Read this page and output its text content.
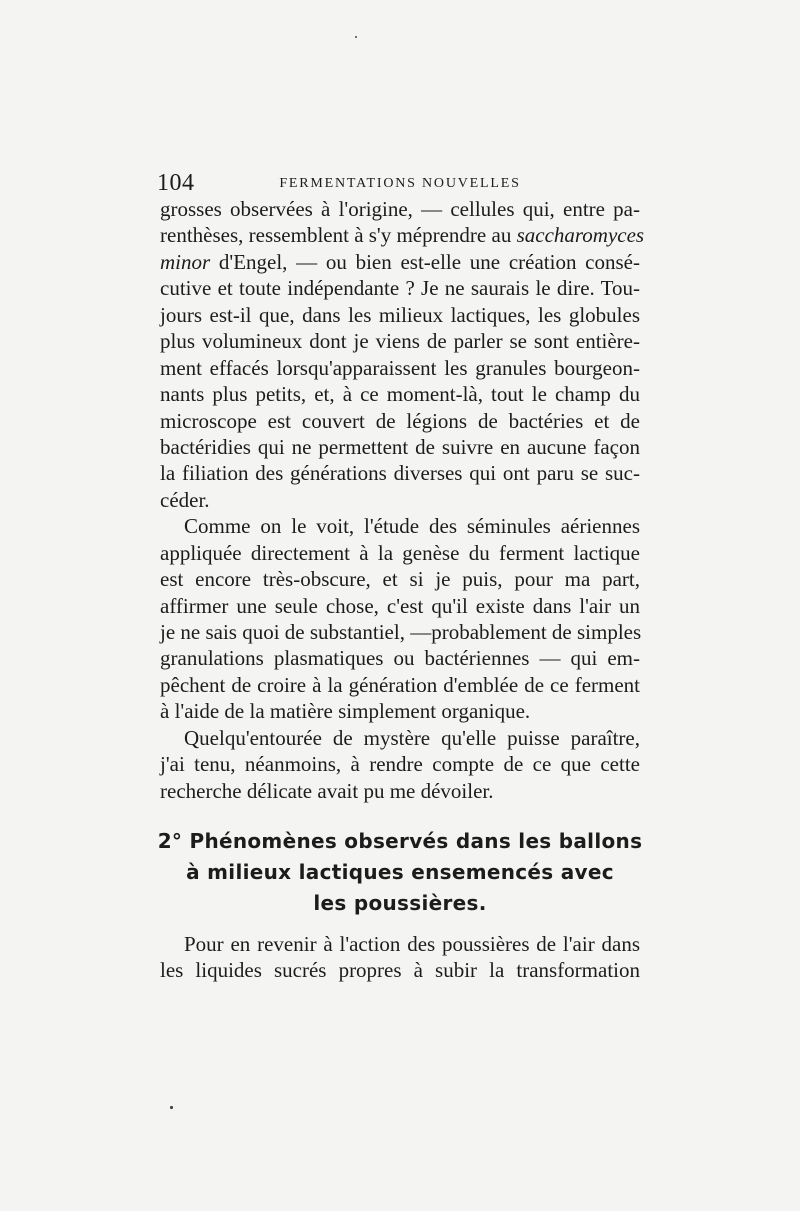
104	FERMENTATIONS NOUVELLES
grosses observées à l'origine, — cellules qui, entre pa-
renthèses, ressemblent à s'y méprendre au saccharomyces
minor d'Engel, — ou bien est-elle une création consé-
cutive et toute indépendante ? Je ne saurais le dire. Tou-
jours est-il que, dans les milieux lactiques, les globules
plus volumineux dont je viens de parler se sont entière-
ment effacés lorsqu'apparaissent les granules bourgeon-
nants plus petits, et, à ce moment-là, tout le champ du
microscope est couvert de légions de bactéries et de
bactéridies qui ne permettent de suivre en aucune façon
la filiation des générations diverses qui ont paru se suc-
céder.
Comme on le voit, l'étude des séminules aériennes
appliquée directement à la genèse du ferment lactique
est encore très-obscure, et si je puis, pour ma part,
affirmer une seule chose, c'est qu'il existe dans l'air un
je ne sais quoi de substantiel, —probablement de simples
granulations plasmatiques ou bactériennes — qui em-
pêchent de croire à la génération d'emblée de ce ferment
à l'aide de la matière simplement organique.
Quelqu'entourée de mystère qu'elle puisse paraître,
j'ai tenu, néanmoins, à rendre compte de ce que cette
recherche délicate avait pu me dévoiler.
2° Phénomènes observés dans les ballons
à milieux lactiques ensemencés avec
les poussières.
Pour en revenir à l'action des poussières de l'air dans
les liquides sucrés propres à subir la transformation
